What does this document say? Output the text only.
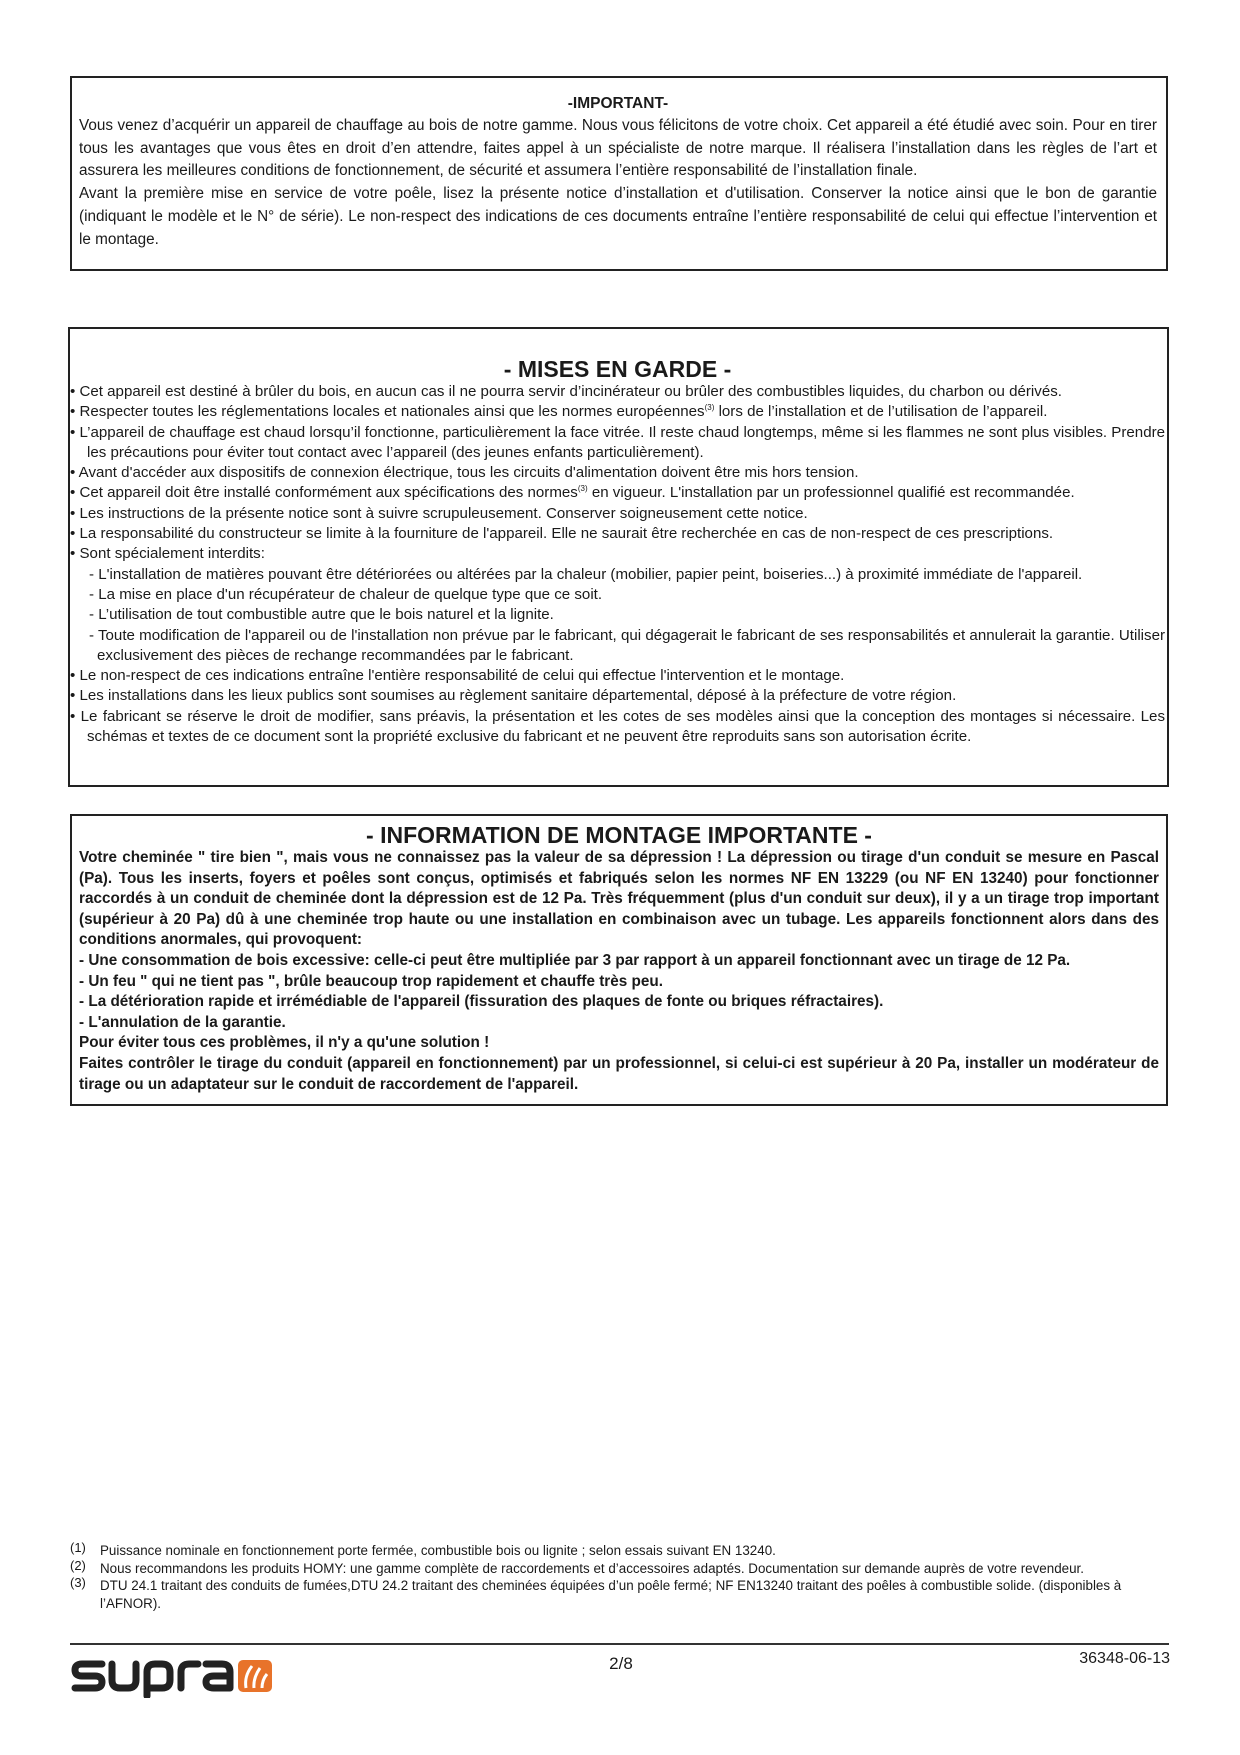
-IMPORTANT-

Vous venez d’acquérir un appareil de chauffage au bois de notre gamme. Nous vous félicitons de votre choix. Cet appareil a été étudié avec soin. Pour en tirer tous les avantages que vous êtes en droit d’en attendre, faites appel à un spécialiste de notre marque. Il réalisera l’installation dans les règles de l’art et assurera les meilleures conditions de fonctionnement, de sécurité et assumera l’entière responsabilité de l’installation finale.

Avant la première mise en service de votre poêle, lisez la présente notice d’installation et d'utilisation. Conserver la notice ainsi que le bon de garantie (indiquant le modèle et le N° de série). Le non-respect des indications de ces documents entraîne l’entière responsabilité de celui qui effectue l’intervention et le montage.

- MISES EN GARDE -
• Cet appareil est destiné à brûler du bois, en aucun cas il ne pourra servir d’incinérateur ou brûler des combustibles liquides, du charbon ou dérivés.
• Respecter toutes les réglementations locales et nationales ainsi que les normes européennes$^{(3)}$ lors de l’installation et de l’utilisation de l’appareil.
• L’appareil de chauffage est chaud lorsqu’il fonctionne, particulièrement la face vitrée. Il reste chaud longtemps, même si les flammes ne sont plus visibles. Prendre les précautions pour éviter tout contact avec l’appareil (des jeunes enfants particulièrement).
• Avant d'accéder aux dispositifs de connexion électrique, tous les circuits d'alimentation doivent être mis hors tension.
• Cet appareil doit être installé conformément aux spécifications des normes$^{(3)}$ en vigueur. L'installation par un professionnel qualifié est recommandée.
• Les instructions de la présente notice sont à suivre scrupuleusement. Conserver soigneusement cette notice.
• La responsabilité du constructeur se limite à la fourniture de l'appareil. Elle ne saurait être recherchée en cas de non-respect de ces prescriptions.
• Sont spécialement interdits:
- L'installation de matières pouvant être détériorées ou altérées par la chaleur (mobilier, papier peint, boiseries...) à proximité immédiate de l'appareil.
- La mise en place d'un récupérateur de chaleur de quelque type que ce soit.
- L’utilisation de tout combustible autre que le bois naturel et la lignite.
- Toute modification de l'appareil ou de l'installation non prévue par le fabricant, qui dégagerait le fabricant de ses responsabilités et annulerait la garantie. Utiliser exclusivement des pièces de rechange recommandées par le fabricant.
• Le non-respect de ces indications entraîne l'entière responsabilité de celui qui effectue l'intervention et le montage.
• Les installations dans les lieux publics sont soumises au règlement sanitaire départemental, déposé à la préfecture de votre région.
• Le fabricant se réserve le droit de modifier, sans préavis, la présentation et les cotes de ses modèles ainsi que la conception des montages si nécessaire. Les schémas et textes de ce document sont la propriété exclusive du fabricant et ne peuvent être reproduits sans son autorisation écrite.
- INFORMATION DE MONTAGE IMPORTANTE -
Votre cheminée " tire bien ", mais vous ne connaissez pas la valeur de sa dépression ! La dépression ou tirage d'un conduit se mesure en Pascal (Pa). Tous les inserts, foyers et poêles sont conçus, optimisés et fabriqués selon les normes NF EN 13229 (ou NF EN 13240) pour fonctionner raccordés à un conduit de cheminée dont la dépression est de 12 Pa. Très fréquemment (plus d'un conduit sur deux), il y a un tirage trop important (supérieur à 20 Pa) dû à une cheminée trop haute ou une installation en combinaison avec un tubage. Les appareils fonctionnent alors dans des conditions anormales, qui provoquent:
- Une consommation de bois excessive: celle-ci peut être multipliée par 3 par rapport à un appareil fonctionnant avec un tirage de 12 Pa.
- Un feu " qui ne tient pas ", brûle beaucoup trop rapidement et chauffe très peu.
- La détérioration rapide et irrémédiable de l'appareil (fissuration des plaques de fonte ou briques réfractaires).
- L'annulation de la garantie.
Pour éviter tous ces problèmes, il n'y a qu'une solution !
Faites contrôler le tirage du conduit (appareil en fonctionnement) par un professionnel, si celui-ci est supérieur à 20 Pa, installer un modérateur de tirage ou un adaptateur sur le conduit de raccordement de l'appareil.
(1)	Puissance nominale en fonctionnement porte fermée, combustible bois ou lignite ; selon essais suivant EN 13240.
(2)	Nous recommandons les produits HOMY: une gamme complète de raccordements et d’accessoires adaptés. Documentation sur demande auprès de votre revendeur.
(3)	DTU 24.1 traitant des conduits de fumées,DTU 24.2 traitant des cheminées équipées d’un poêle fermé; NF EN13240 traitant des poêles à combustible solide. (disponibles à l’AFNOR).
2/8	36348-06-13
